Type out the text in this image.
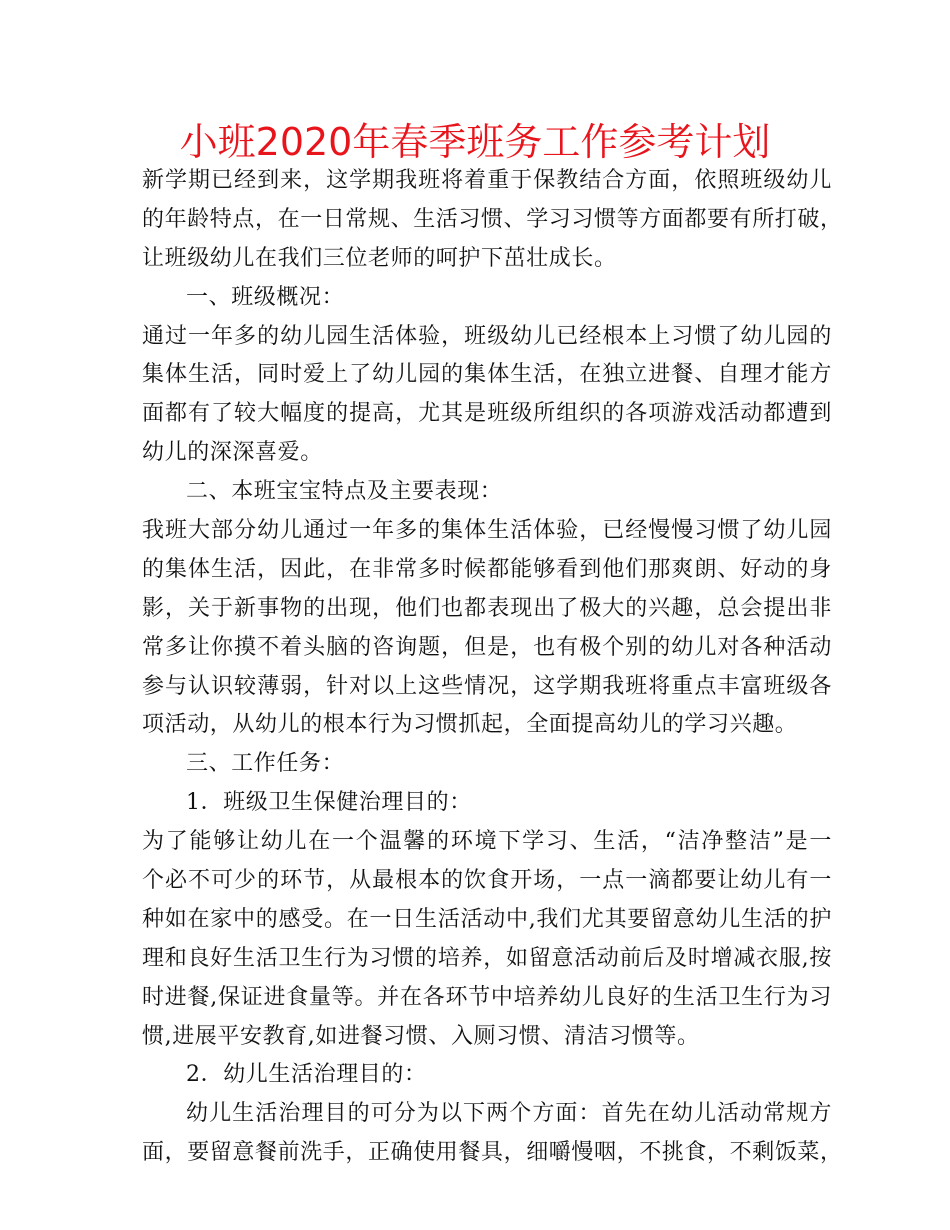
小班2020年春季班务工作参考计划
新学期已经到来，这学期我班将着重于保教结合方面，依照班级幼儿
的年龄特点，在一日常规、生活习惯、学习习惯等方面都要有所打破，
让班级幼儿在我们三位老师的呵护下茁壮成长。
一、班级概况：
通过一年多的幼儿园生活体验，班级幼儿已经根本上习惯了幼儿园的
集体生活，同时爱上了幼儿园的集体生活，在独立进餐、自理才能方
面都有了较大幅度的提高，尤其是班级所组织的各项游戏活动都遭到
幼儿的深深喜爱。
二、本班宝宝特点及主要表现：
我班大部分幼儿通过一年多的集体生活体验，已经慢慢习惯了幼儿园
的集体生活，因此，在非常多时候都能够看到他们那爽朗、好动的身
影，关于新事物的出现，他们也都表现出了极大的兴趣，总会提出非
常多让你摸不着头脑的咨询题，但是，也有极个别的幼儿对各种活动
参与认识较薄弱，针对以上这些情况，这学期我班将重点丰富班级各
项活动，从幼儿的根本行为习惯抓起，全面提高幼儿的学习兴趣。
三、工作任务：
1．班级卫生保健治理目的：
为了能够让幼儿在一个温馨的环境下学习、生活，“洁净整洁”是一
个必不可少的环节，从最根本的饮食开场，一点一滴都要让幼儿有一
种如在家中的感受。在一日生活活动中,我们尤其要留意幼儿生活的护
理和良好生活卫生行为习惯的培养，如留意活动前后及时增减衣服,按
时进餐,保证进食量等。并在各环节中培养幼儿良好的生活卫生行为习
惯,进展平安教育,如进餐习惯、入厕习惯、清洁习惯等。
2．幼儿生活治理目的：
幼儿生活治理目的可分为以下两个方面：首先在幼儿活动常规方
面，要留意餐前洗手，正确使用餐具，细嚼慢咽，不挑食，不剩饭菜，
